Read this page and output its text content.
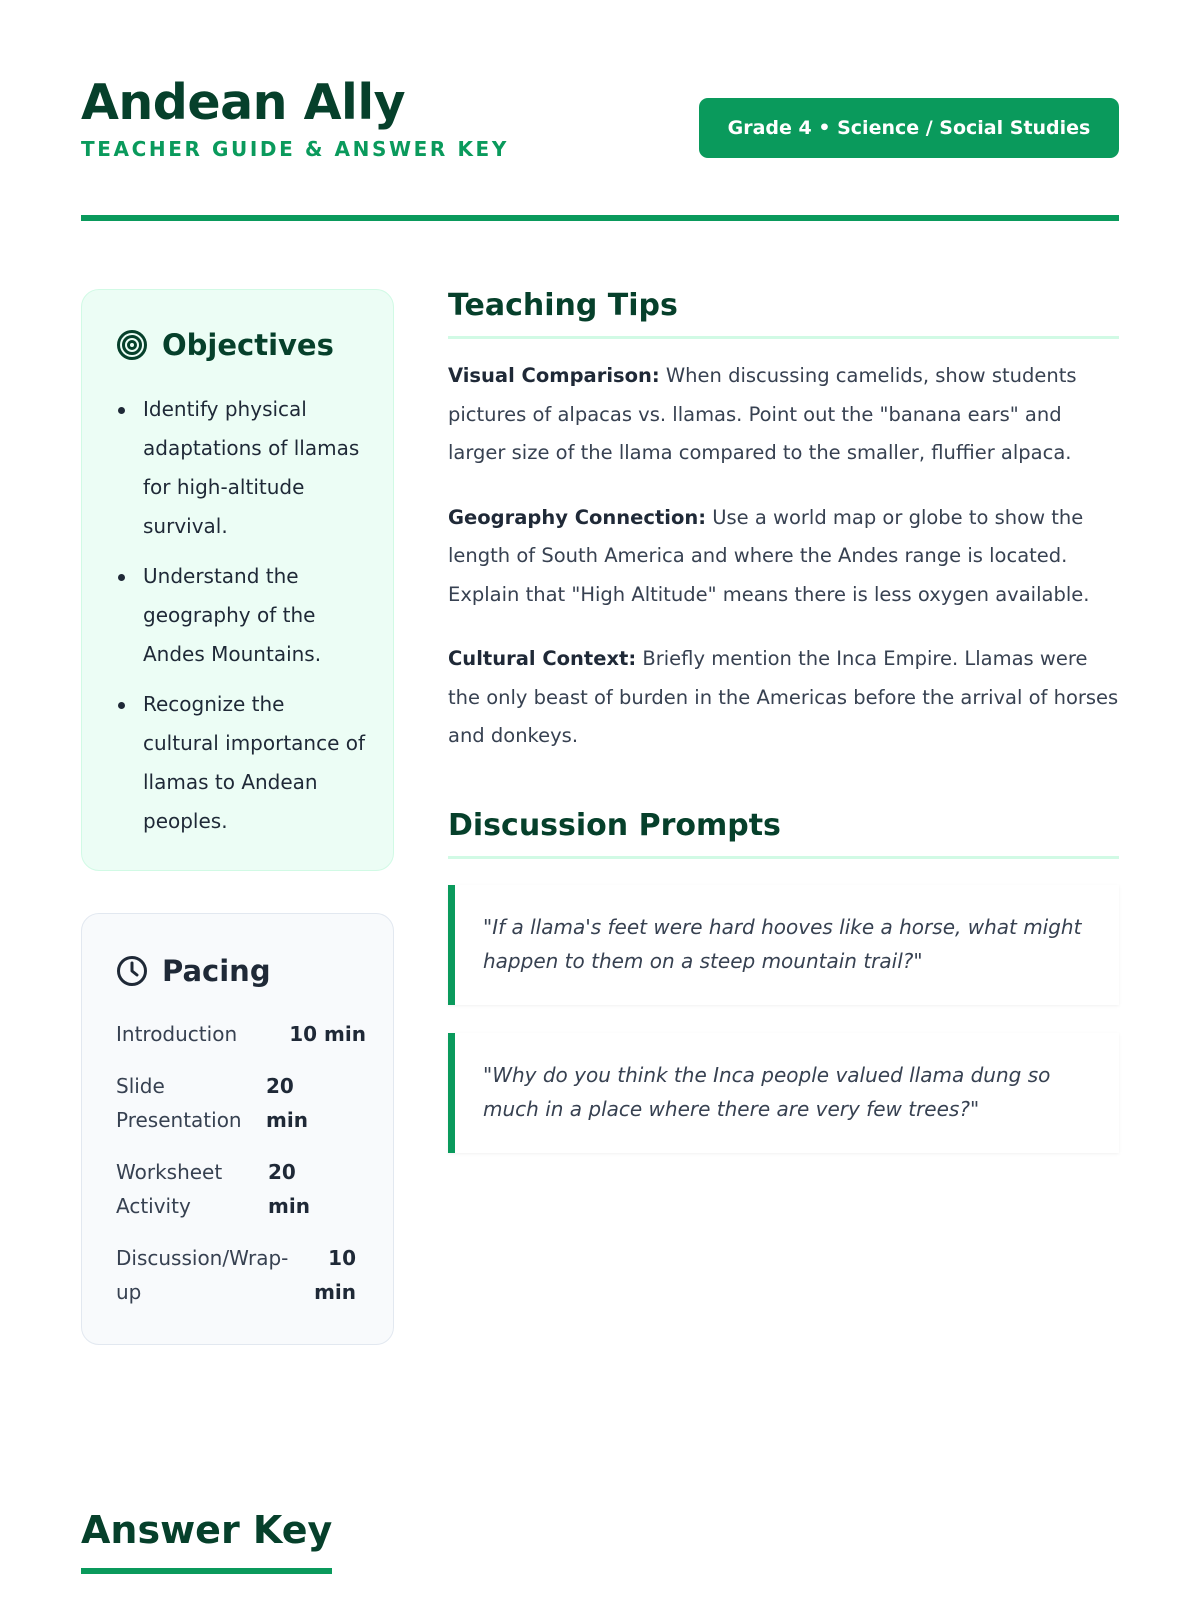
Andean Ally
TEACHER GUIDE & ANSWER KEY
Grade 4 • Science / Social Studies
Objectives
Identify physical adaptations of llamas for high-altitude survival.
Understand the geography of the Andes Mountains.
Recognize the cultural importance of llamas to Andean peoples.
Pacing
Introduction	10 min
Slide Presentation
20 min
Worksheet Activity
20 min
Discussion/Wrap-up
10 min
Teaching Tips

Visual Comparison: When discussing camelids, show students pictures of alpacas vs. llamas. Point out the "banana ears" and larger size of the llama compared to the smaller, fluffier alpaca.

Geography Connection: Use a world map or globe to show the length of South America and where the Andes range is located. Explain that "High Altitude" means there is less oxygen available.

Cultural Context: Briefly mention the Inca Empire. Llamas were the only beast of burden in the Americas before the arrival of horses and donkeys.

Discussion Prompts
"If a llama's feet were hard hooves like a horse, what might happen to them on a steep mountain trail?"
"Why do you think the Inca people valued llama dung so much in a place where there are very few trees?"
Answer Key
